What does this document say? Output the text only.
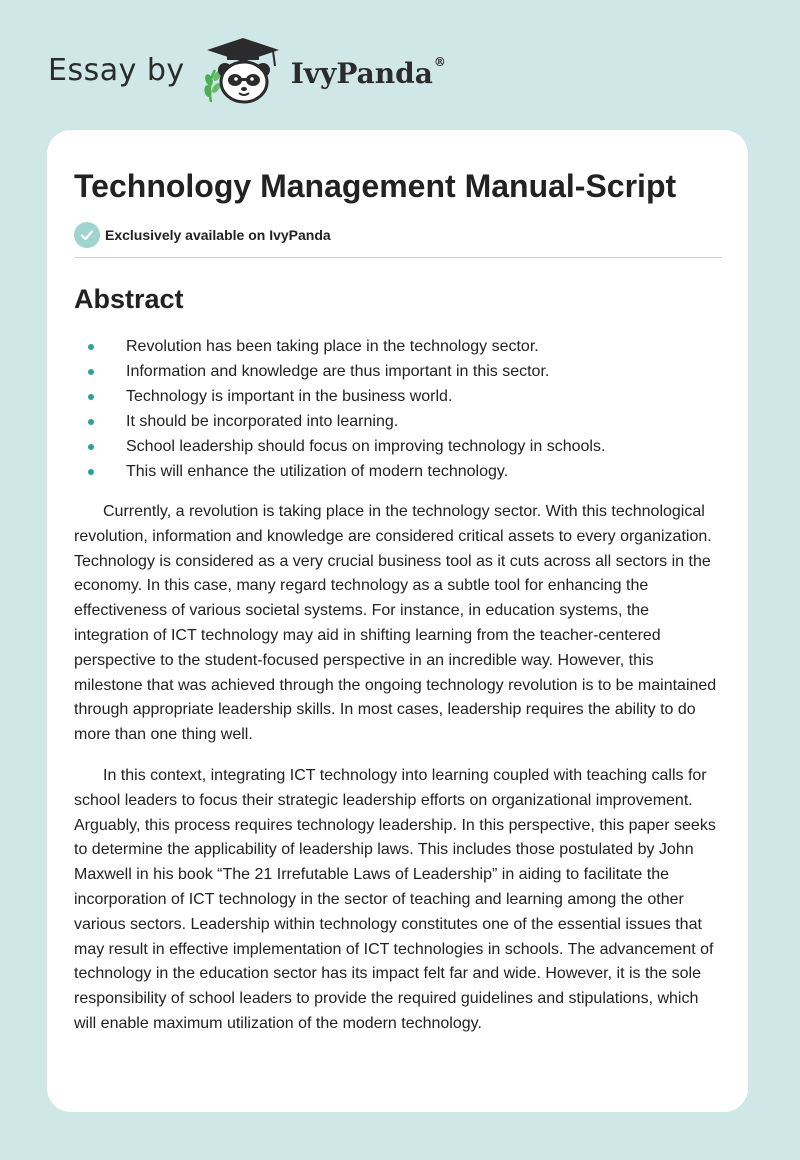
Essay by	IvyPanda®
Technology Management Manual-Script
Exclusively available on IvyPanda
Abstract
Revolution has been taking place in the technology sector.
Information and knowledge are thus important in this sector.
Technology is important in the business world.
It should be incorporated into learning.
School leadership should focus on improving technology in schools.
This will enhance the utilization of modern technology.

Currently, a revolution is taking place in the technology sector. With this technological revolution, information and knowledge are considered critical assets to every organization. Technology is considered as a very crucial business tool as it cuts across all sectors in the economy. In this case, many regard technology as a subtle tool for enhancing the effectiveness of various societal systems. For instance, in education systems, the integration of ICT technology may aid in shifting learning from the teacher-centered perspective to the student-focused perspective in an incredible way. However, this milestone that was achieved through the ongoing technology revolution is to be maintained through appropriate leadership skills. In most cases, leadership requires the ability to do more than one thing well.

In this context, integrating ICT technology into learning coupled with teaching calls for school leaders to focus their strategic leadership efforts on organizational improvement. Arguably, this process requires technology leadership. In this perspective, this paper seeks to determine the applicability of leadership laws. This includes those postulated by John Maxwell in his book “The 21 Irrefutable Laws of Leadership” in aiding to facilitate the incorporation of ICT technology in the sector of teaching and learning among the other various sectors. Leadership within technology constitutes one of the essential issues that may result in effective implementation of ICT technologies in schools. The advancement of technology in the education sector has its impact felt far and wide. However, it is the sole responsibility of school leaders to provide the required guidelines and stipulations, which will enable maximum utilization of the modern technology.
